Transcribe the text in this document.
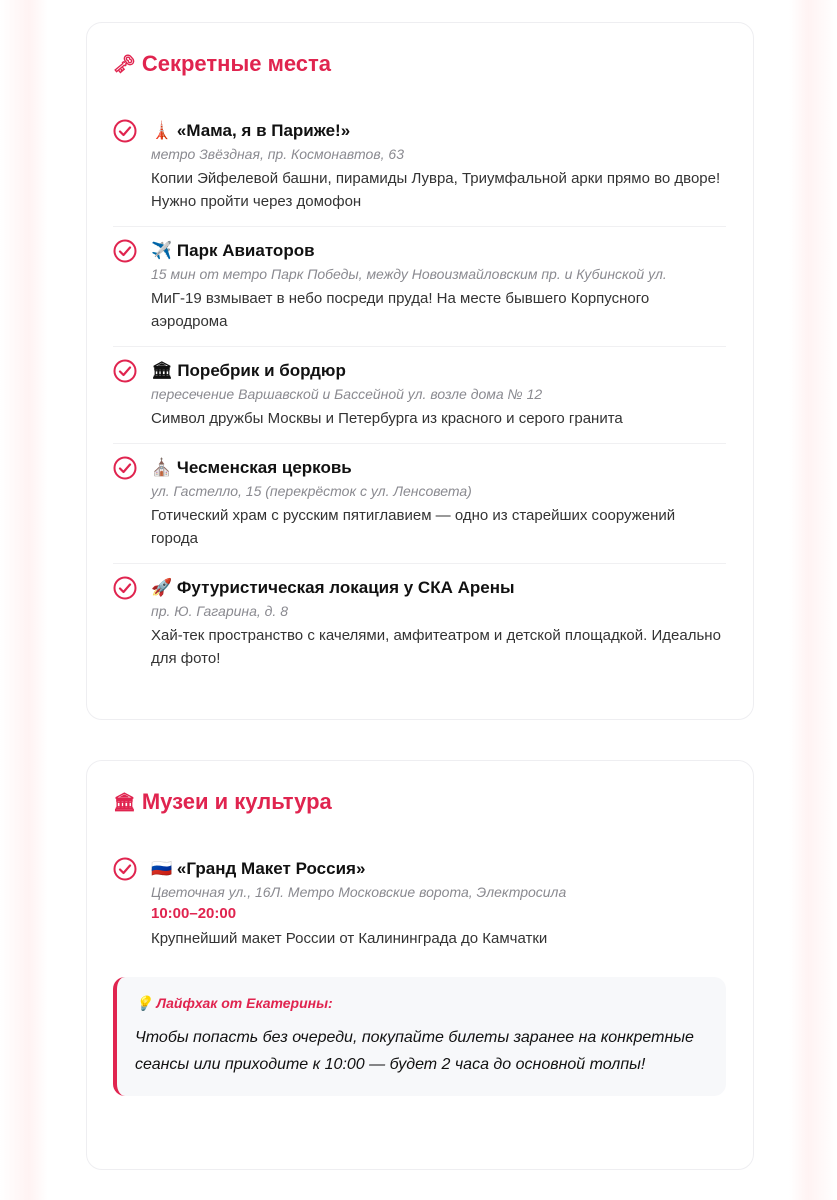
🗝 Секретные места
🗼 «Мама, я в Париже!»
метро Звёздная, пр. Космонавтов, 63
Копии Эйфелевой башни, пирамиды Лувра, Триумфальной арки прямо во дворе! Нужно пройти через домофон
✈️ Парк Авиаторов
15 мин от метро Парк Победы, между Новоизмайловским пр. и Кубинской ул.
МиГ-19 взмывает в небо посреди пруда! На месте бывшего Корпусного аэродрома
🏛 Поребрик и бордюр
пересечение Варшавской и Бассейной ул. возле дома № 12
Символ дружбы Москвы и Петербурга из красного и серого гранита
⛪ Чесменская церковь
ул. Гастелло, 15 (перекрёсток с ул. Ленсовета)
Готический храм с русским пятиглавием — одно из старейших сооружений города
🚀 Футуристическая локация у СКА Арены
пр. Ю. Гагарина, д. 8
Хай-тек пространство с качелями, амфитеатром и детской площадкой. Идеально для фото!
🏛 Музеи и культура
🇷🇺 «Гранд Макет Россия»
Цветочная ул., 16Л. Метро Московские ворота, Электросила
10:00–20:00
Крупнейший макет России от Калининграда до Камчатки
💡 Лайфхак от Екатерины:
Чтобы попасть без очереди, покупайте билеты заранее на конкретные сеансы или приходите к 10:00 — будет 2 часа до основной толпы!
